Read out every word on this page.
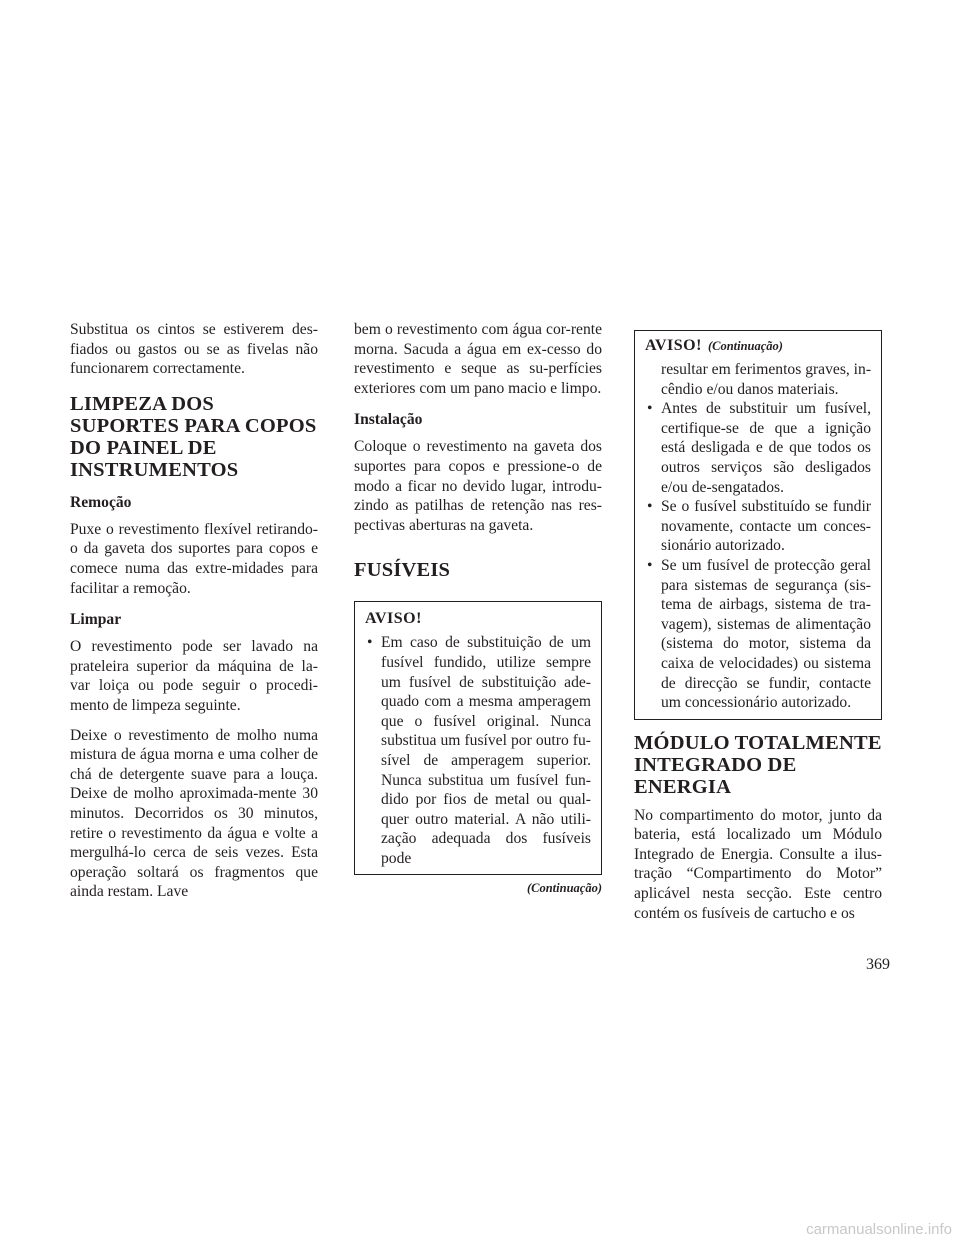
Substitua os cintos se estiverem des-fiados ou gastos ou se as fivelas não funcionarem correctamente.

LIMPEZA DOS SUPORTES PARA COPOS DO PAINEL DE INSTRUMENTOS
Remoção

Puxe o revestimento flexível retirando-o da gaveta dos suportes para copos e comece numa das extre-midades para facilitar a remoção.

Limpar

O revestimento pode ser lavado na prateleira superior da máquina de la-var loiça ou pode seguir o procedi-mento de limpeza seguinte.

Deixe o revestimento de molho numa mistura de água morna e uma colher de chá de detergente suave para a louça. Deixe de molho aproximada-mente 30 minutos. Decorridos os 30 minutos, retire o revestimento da água e volte a mergulhá-lo cerca de seis vezes. Esta operação soltará os fragmentos que ainda restam. Lave

bem o revestimento com água cor-rente morna. Sacuda a água em ex-cesso do revestimento e seque as su-perfícies exteriores com um pano macio e limpo.

Instalação

Coloque o revestimento na gaveta dos suportes para copos e pressione-o de modo a ficar no devido lugar, introdu-zindo as patilhas de retenção nas res-pectivas aberturas na gaveta.

FUSÍVEIS
AVISO!
• Em caso de substituição de um fusível fundido, utilize sempre um fusível de substituição ade-quado com a mesma amperagem que o fusível original. Nunca substitua um fusível por outro fu-sível de amperagem superior. Nunca substitua um fusível fun-dido por fios de metal ou qual-quer outro material. A não utili-zação adequada dos fusíveis pode
(Continuação)
AVISO! (Continuação)

resultar em ferimentos graves, in-cêndio e/ou danos materiais.

• Antes de substituir um fusível, certifique-se de que a ignição está desligada e de que todos os outros serviços são desligados e/ou de-sengatados.
• Se o fusível substituído se fundir novamente, contacte um conces-sionário autorizado.
• Se um fusível de protecção geral para sistemas de segurança (sis-tema de airbags, sistema de tra-vagem), sistemas de alimentação (sistema do motor, sistema da caixa de velocidades) ou sistema de direcção se fundir, contacte um concessionário autorizado.
MÓDULO TOTALMENTE INTEGRADO DE ENERGIA

No compartimento do motor, junto da bateria, está localizado um Módulo Integrado de Energia. Consulte a ilus-tração “Compartimento do Motor” aplicável nesta secção. Este centro contém os fusíveis de cartucho e os

369
carmanualsonline.info
